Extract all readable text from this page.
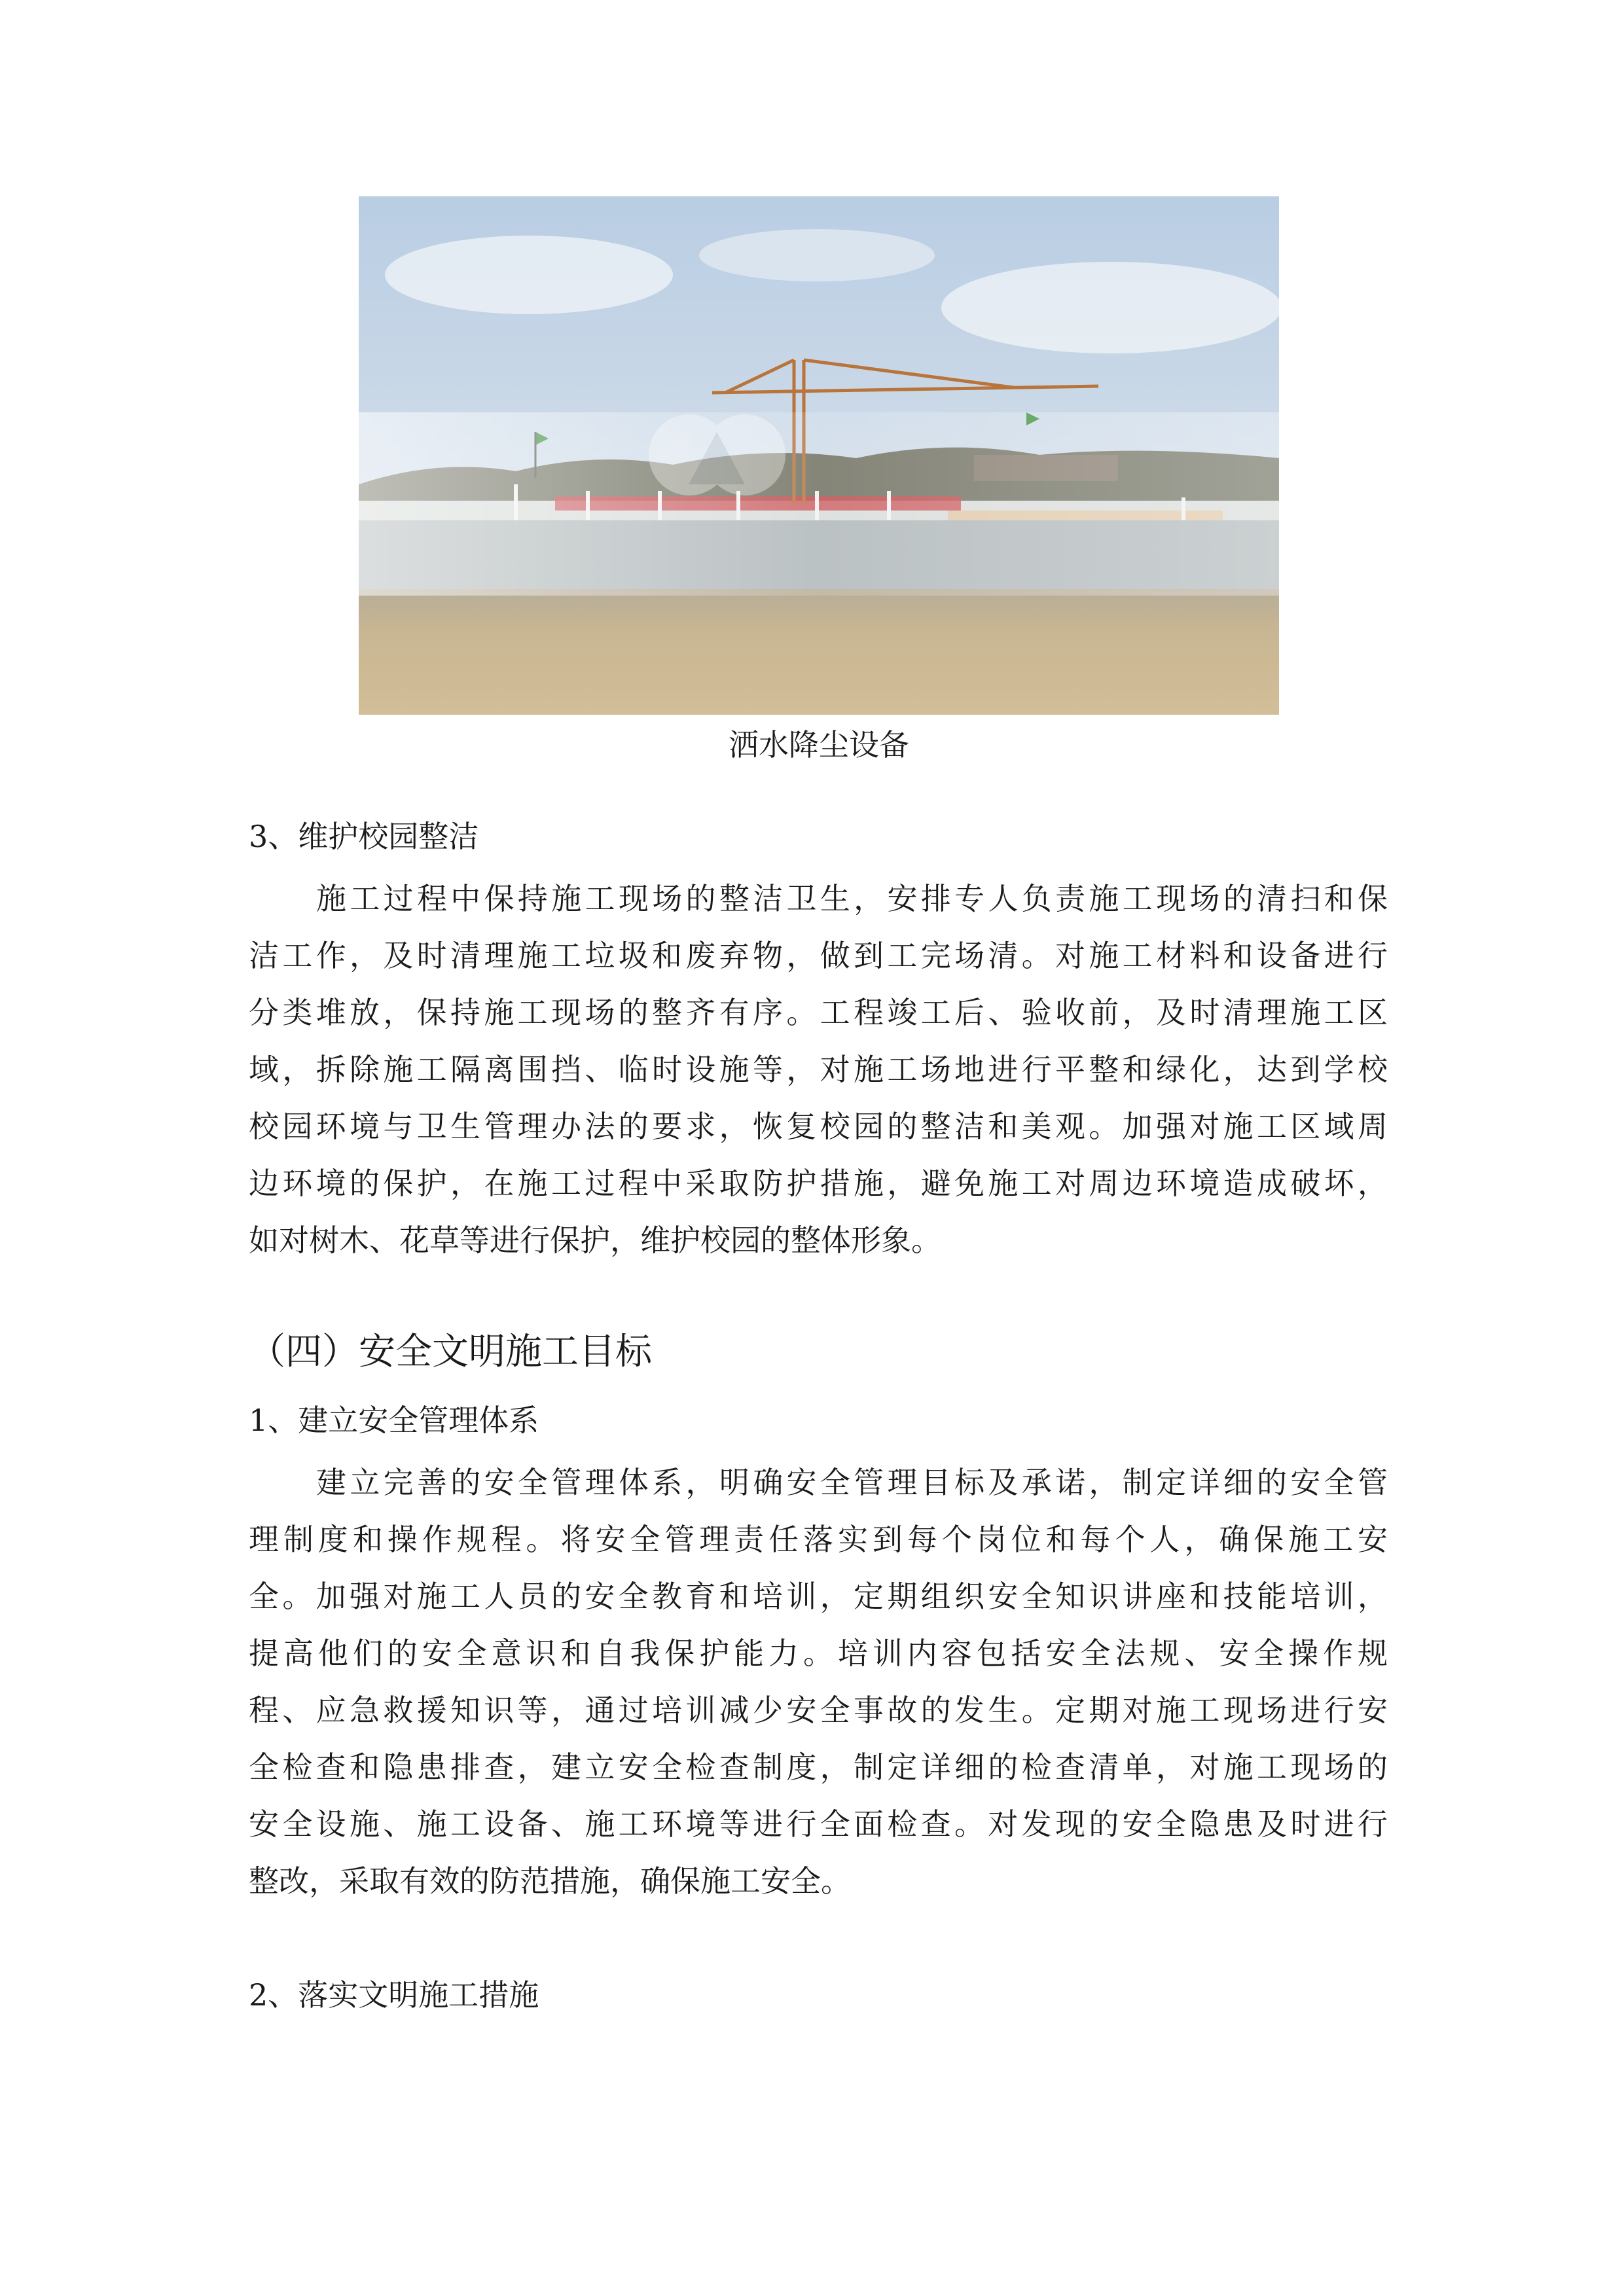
洒水降尘设备
3、维护校园整洁
施工过程中保持施工现场的整洁卫生，安排专人负责施工现场的清扫和保
洁工作，及时清理施工垃圾和废弃物，做到工完场清。对施工材料和设备进行
分类堆放，保持施工现场的整齐有序。工程竣工后、验收前，及时清理施工区
域，拆除施工隔离围挡、临时设施等，对施工场地进行平整和绿化，达到学校
校园环境与卫生管理办法的要求，恢复校园的整洁和美观。加强对施工区域周
边环境的保护，在施工过程中采取防护措施，避免施工对周边环境造成破坏，
如对树木、花草等进行保护，维护校园的整体形象。
（四）安全文明施工目标
1、建立安全管理体系
建立完善的安全管理体系，明确安全管理目标及承诺，制定详细的安全管
理制度和操作规程。将安全管理责任落实到每个岗位和每个人，确保施工安
全。加强对施工人员的安全教育和培训，定期组织安全知识讲座和技能培训，
提高他们的安全意识和自我保护能力。培训内容包括安全法规、安全操作规
程、应急救援知识等，通过培训减少安全事故的发生。定期对施工现场进行安
全检查和隐患排查，建立安全检查制度，制定详细的检查清单，对施工现场的
安全设施、施工设备、施工环境等进行全面检查。对发现的安全隐患及时进行
整改，采取有效的防范措施，确保施工安全。
2、落实文明施工措施
